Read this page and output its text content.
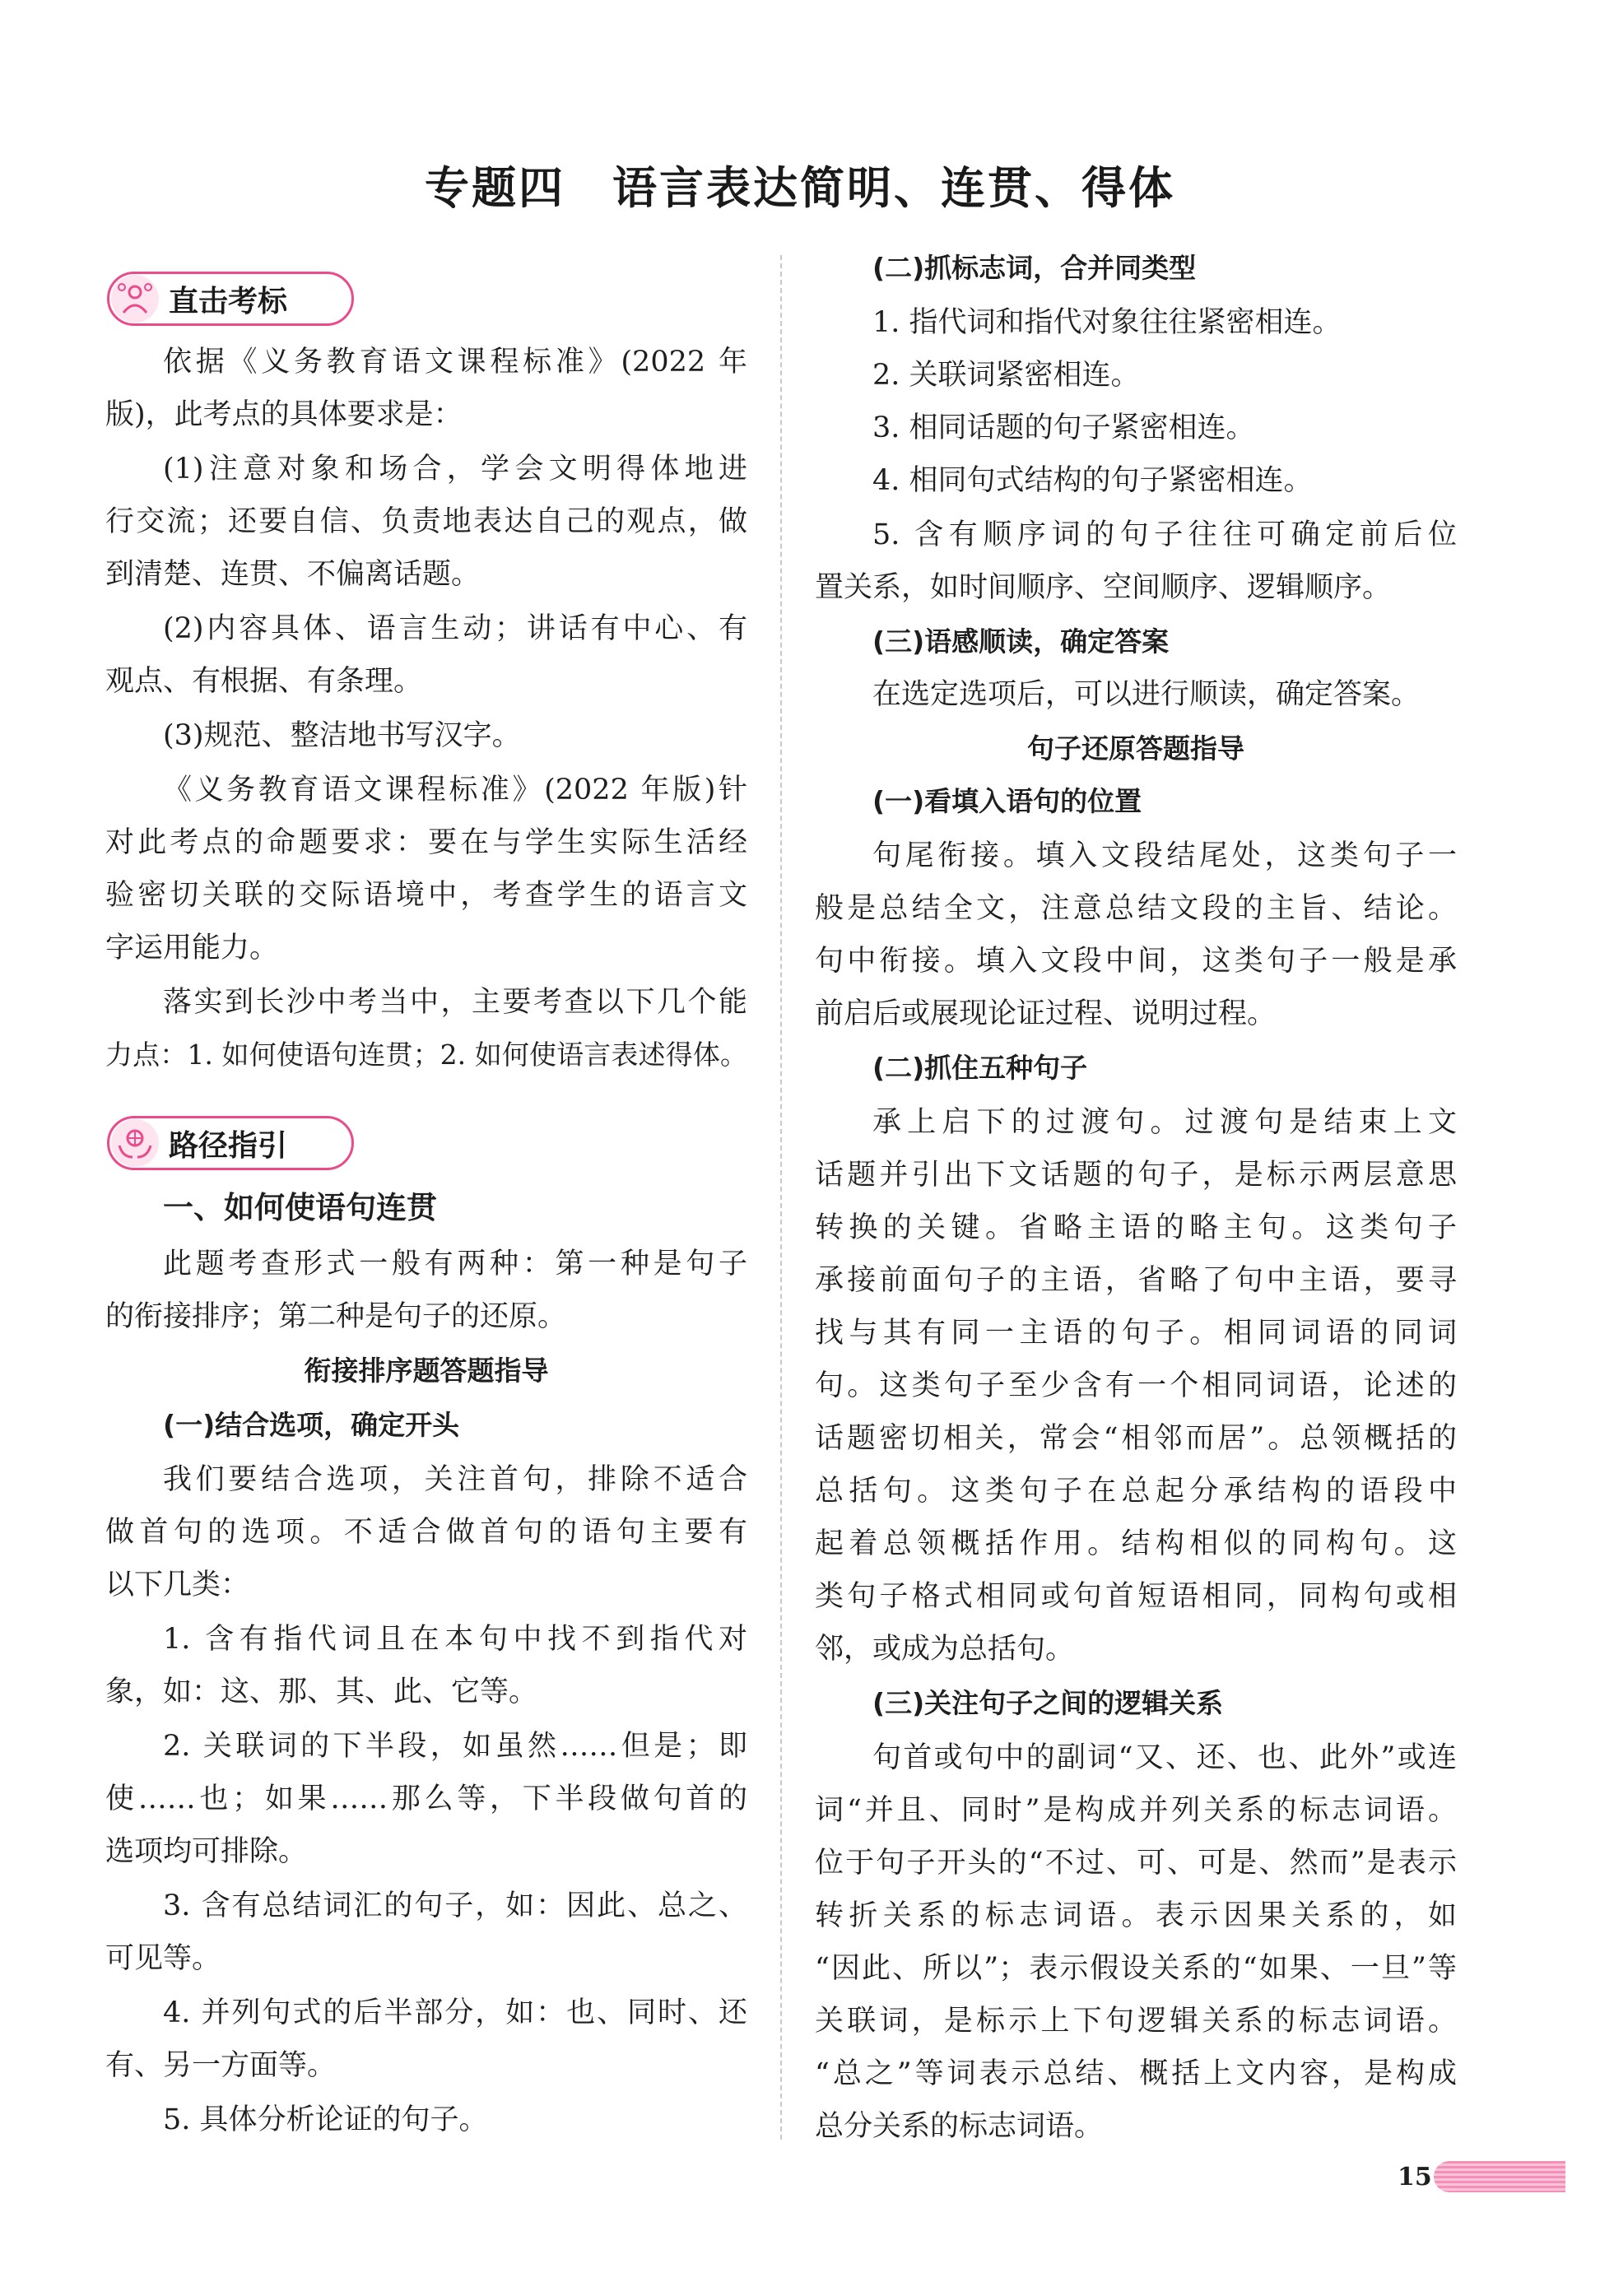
专题四　语言表达简明、连贯、得体
直击考标
依据《义务教育语文课程标准》(2022 年
版)，此考点的具体要求是：
(1)注意对象和场合，学会文明得体地进
行交流；还要自信、负责地表达自己的观点，做
到清楚、连贯、不偏离话题。
(2)内容具体、语言生动；讲话有中心、有
观点、有根据、有条理。
(3)规范、整洁地书写汉字。
《义务教育语文课程标准》(2022 年版)针
对此考点的命题要求：要在与学生实际生活经
验密切关联的交际语境中，考查学生的语言文
字运用能力。
落实到长沙中考当中，主要考查以下几个能
力点：1. 如何使语句连贯；2. 如何使语言表述得体。
路径指引
一、如何使语句连贯
此题考查形式一般有两种：第一种是句子
的衔接排序；第二种是句子的还原。
衔接排序题答题指导
(一)结合选项，确定开头
我们要结合选项，关注首句，排除不适合
做首句的选项。不适合做首句的语句主要有
以下几类：
1. 含有指代词且在本句中找不到指代对
象，如：这、那、其、此、它等。
2. 关联词的下半段，如虽然……但是；即
使……也；如果……那么等，下半段做句首的
选项均可排除。
3. 含有总结词汇的句子，如：因此、总之、
可见等。
4. 并列句式的后半部分，如：也、同时、还
有、另一方面等。
5. 具体分析论证的句子。
(二)抓标志词，合并同类型
1. 指代词和指代对象往往紧密相连。
2. 关联词紧密相连。
3. 相同话题的句子紧密相连。
4. 相同句式结构的句子紧密相连。
5. 含有顺序词的句子往往可确定前后位
置关系，如时间顺序、空间顺序、逻辑顺序。
(三)语感顺读，确定答案
在选定选项后，可以进行顺读，确定答案。
句子还原答题指导
(一)看填入语句的位置
句尾衔接。填入文段结尾处，这类句子一
般是总结全文，注意总结文段的主旨、结论。
句中衔接。填入文段中间，这类句子一般是承
前启后或展现论证过程、说明过程。
(二)抓住五种句子
承上启下的过渡句。过渡句是结束上文
话题并引出下文话题的句子，是标示两层意思
转换的关键。省略主语的略主句。这类句子
承接前面句子的主语，省略了句中主语，要寻
找与其有同一主语的句子。相同词语的同词
句。这类句子至少含有一个相同词语，论述的
话题密切相关，常会“相邻而居”。总领概括的
总括句。这类句子在总起分承结构的语段中
起着总领概括作用。结构相似的同构句。这
类句子格式相同或句首短语相同，同构句或相
邻，或成为总括句。
(三)关注句子之间的逻辑关系
句首或句中的副词“又、还、也、此外”或连
词“并且、同时”是构成并列关系的标志词语。
位于句子开头的“不过、可、可是、然而”是表示
转折关系的标志词语。表示因果关系的，如
“因此、所以”；表示假设关系的“如果、一旦”等
关联词，是标示上下句逻辑关系的标志词语。
“总之”等词表示总结、概括上文内容，是构成
总分关系的标志词语。
15
